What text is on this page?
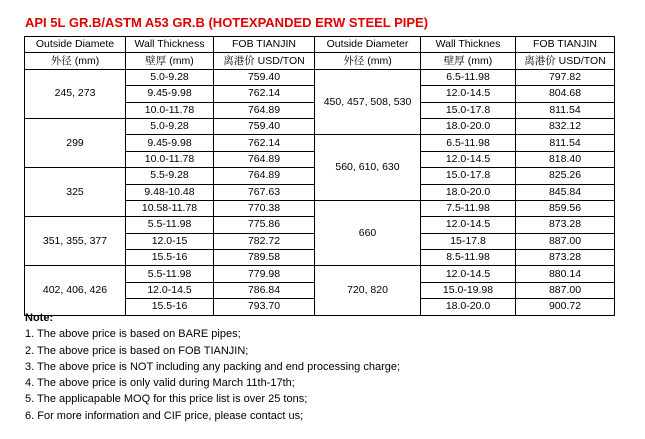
API 5L GR.B/ASTM A53 GR.B (HOTEXPANDED ERW STEEL PIPE)
Outside Diamete	Wall Thickness	FOB TIANJIN	Outside Diameter	Wall Thicknes	FOB TIANJIN
外径 (mm)	壁厚 (mm)	离港价 USD/TON	外径 (mm)	壁厚 (mm)	离港价 USD/TON
245, 273	5.0-9.28	759.40	450, 457, 508, 530	6.5-11.98	797.82
	9.45-9.98	762.14		12.0-14.5	804.68
	10.0-11.78	764.89		15.0-17.8	811.54
299	5.0-9.28	759.40		18.0-20.0	832.12
	9.45-9.98	762.14	560, 610, 630	6.5-11.98	811.54
	10.0-11.78	764.89		12.0-14.5	818.40
325	5.5-9.28	764.89		15.0-17.8	825.26
	9.48-10.48	767.63		18.0-20.0	845.84
	10.58-11.78	770.38	660	7.5-11.98	859.56
351, 355, 377	5.5-11.98	775.86		12.0-14.5	873.28
	12.0-15	782.72		15-17.8	887.00
	15.5-16	789.58		8.5-11.98	873.28
402, 406, 426	5.5-11.98	779.98	720, 820	12.0-14.5	880.14
	12.0-14.5	786.84		15.0-19.98	887.00
	15.5-16	793.70		18.0-20.0	900.72
Note:
1. The above price is based on BARE pipes;
2. The above price is based on FOB TIANJIN;
3. The above price is NOT including any packing and end processing charge;
4. The above price is only valid during March 11th-17th;
5. The applicapable MOQ for this price list is over 25 tons;
6. For more information and CIF price, please contact us;
